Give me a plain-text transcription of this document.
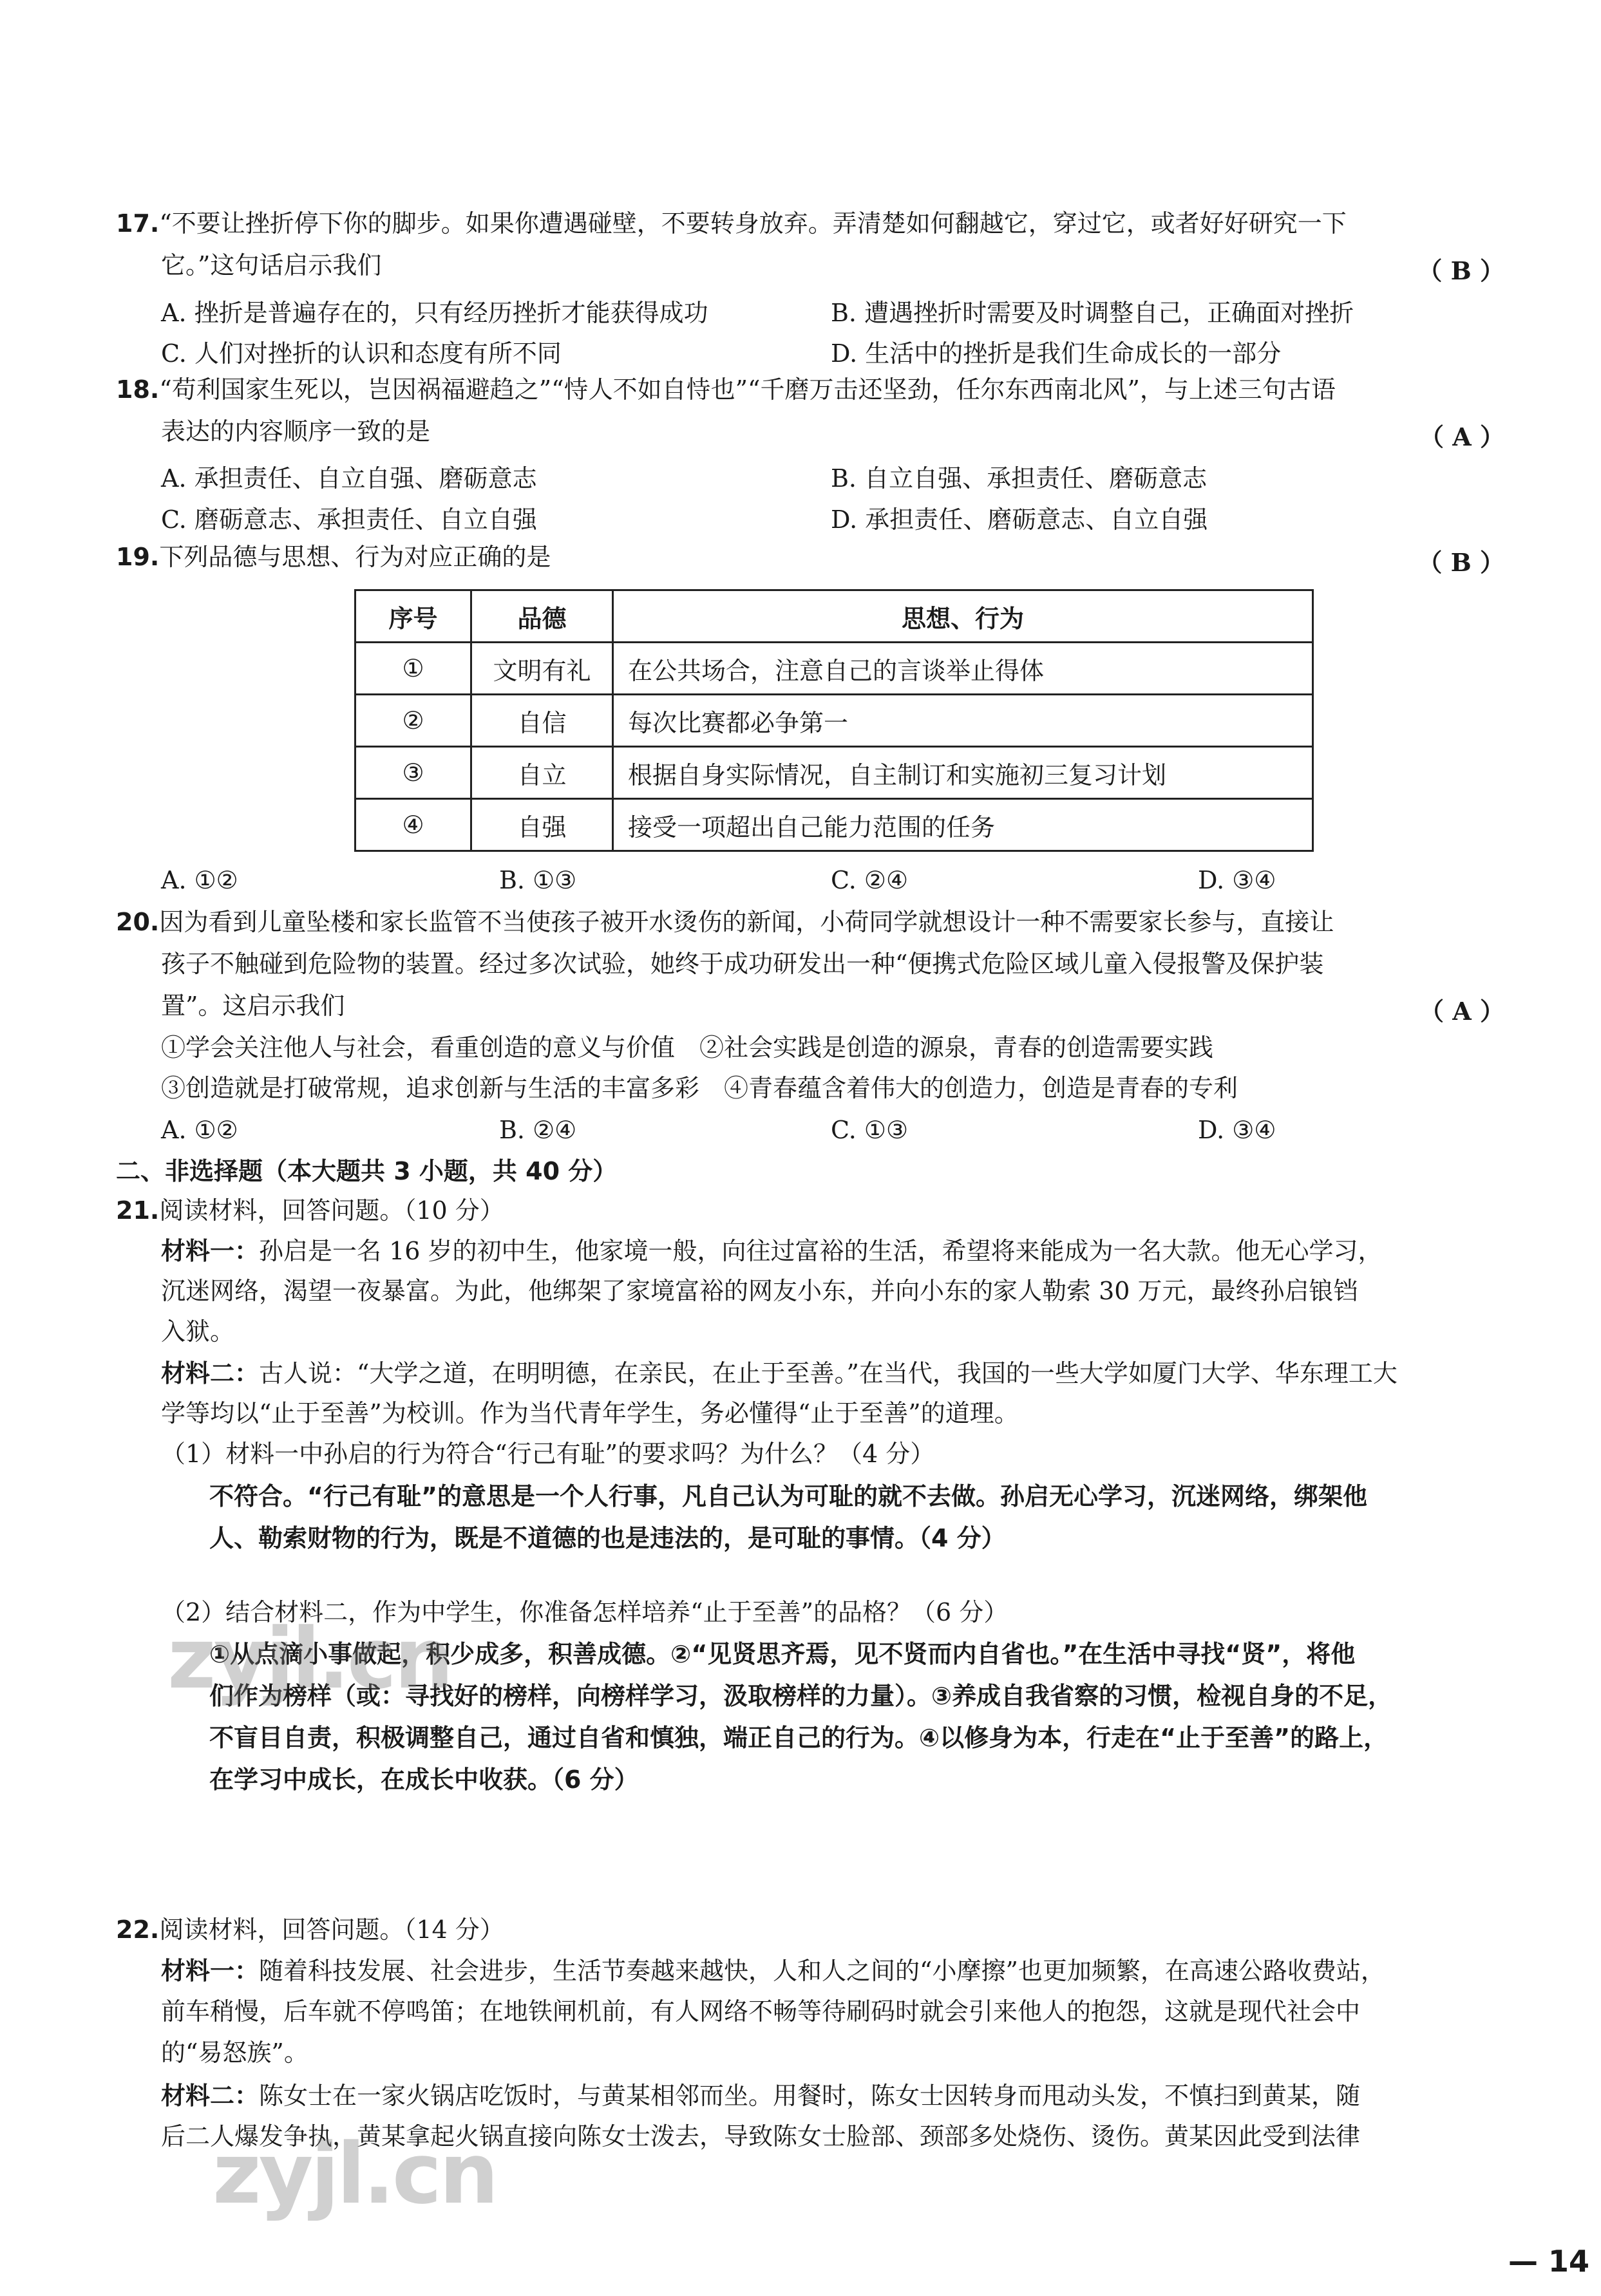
17.“不要让挫折停下你的脚步。如果你遭遇碰壁，不要转身放弃。弄清楚如何翻越它，穿过它，或者好好研究一下
它。”这句话启示我们	（ B ）
A. 挫折是普遍存在的，只有经历挫折才能获得成功	B. 遭遇挫折时需要及时调整自己，正确面对挫折
C. 人们对挫折的认识和态度有所不同	D. 生活中的挫折是我们生命成长的一部分
18.“苟利国家生死以，岂因祸福避趋之”“恃人不如自恃也”“千磨万击还坚劲，任尔东西南北风”，与上述三句古语
表达的内容顺序一致的是	（ A ）
A. 承担责任、自立自强、磨砺意志	B. 自立自强、承担责任、磨砺意志
C. 磨砺意志、承担责任、自立自强	D. 承担责任、磨砺意志、自立自强
19.下列品德与思想、行为对应正确的是	（ B ）
序号	品德	思想、行为
①	文明有礼	在公共场合，注意自己的言谈举止得体
②	自信	每次比赛都必争第一
③	自立	根据自身实际情况，自主制订和实施初三复习计划
④	自强	接受一项超出自己能力范围的任务
A. ①②	B. ①③	C. ②④	D. ③④
20.因为看到儿童坠楼和家长监管不当使孩子被开水烫伤的新闻，小荷同学就想设计一种不需要家长参与，直接让
孩子不触碰到危险物的装置。经过多次试验，她终于成功研发出一种“便携式危险区域儿童入侵报警及保护装
置”。这启示我们	（ A ）
①学会关注他人与社会，看重创造的意义与价值　②社会实践是创造的源泉，青春的创造需要实践
③创造就是打破常规，追求创新与生活的丰富多彩　④青春蕴含着伟大的创造力，创造是青春的专利
A. ①②	B. ②④	C. ①③	D. ③④
二、非选择题（本大题共 3 小题，共 40 分）
21.阅读材料，回答问题。（10 分）
材料一：孙启是一名 16 岁的初中生，他家境一般，向往过富裕的生活，希望将来能成为一名大款。他无心学习，
沉迷网络，渴望一夜暴富。为此，他绑架了家境富裕的网友小东，并向小东的家人勒索 30 万元，最终孙启锒铛
入狱。
材料二：古人说：“大学之道，在明明德，在亲民，在止于至善。”在当代，我国的一些大学如厦门大学、华东理工大
学等均以“止于至善”为校训。作为当代青年学生，务必懂得“止于至善”的道理。
（1）材料一中孙启的行为符合“行己有耻”的要求吗？为什么？（4 分）
不符合。“行己有耻”的意思是一个人行事，凡自己认为可耻的就不去做。孙启无心学习，沉迷网络，绑架他
人、勒索财物的行为，既是不道德的也是违法的，是可耻的事情。（4 分）
（2）结合材料二，作为中学生，你准备怎样培养“止于至善”的品格？（6 分）
①从点滴小事做起，积少成多，积善成德。②“见贤思齐焉，见不贤而内自省也。”在生活中寻找“贤”，将他
们作为榜样（或：寻找好的榜样，向榜样学习，汲取榜样的力量）。③养成自我省察的习惯，检视自身的不足，
不盲目自责，积极调整自己，通过自省和慎独，端正自己的行为。④以修身为本，行走在“止于至善”的路上，
在学习中成长，在成长中收获。（6 分）
22.阅读材料，回答问题。（14 分）
材料一：随着科技发展、社会进步，生活节奏越来越快，人和人之间的“小摩擦”也更加频繁，在高速公路收费站，
前车稍慢，后车就不停鸣笛；在地铁闸机前，有人网络不畅等待刷码时就会引来他人的抱怨，这就是现代社会中
的“易怒族”。
材料二：陈女士在一家火锅店吃饭时，与黄某相邻而坐。用餐时，陈女士因转身而甩动头发，不慎扫到黄某，随
后二人爆发争执，黄某拿起火锅直接向陈女士泼去，导致陈女士脸部、颈部多处烧伤、烫伤。黄某因此受到法律
zyjl.cn
zyjl.cn
— 14
